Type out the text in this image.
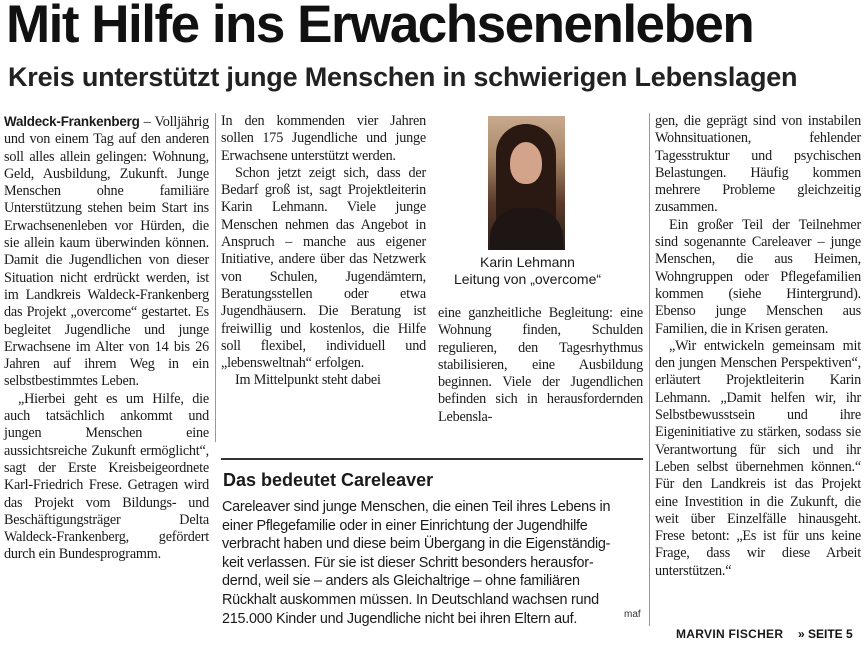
Mit Hilfe ins Erwachsenenleben
Kreis unterstützt junge Menschen in schwierigen Lebenslagen

Waldeck-Frankenberg – Volljährig und von einem Tag auf den anderen soll alles allein gelingen: Wohnung, Geld, Ausbildung, Zukunft. Junge Menschen ohne familiäre Unterstützung stehen beim Start ins Erwachsenenleben vor Hürden, die sie allein kaum überwinden können. Damit die Jugendlichen von dieser Situation nicht erdrückt werden, ist im Landkreis Waldeck-Frankenberg das Projekt „overcome“ gestartet. Es begleitet Jugendliche und junge Erwachsene im Alter von 14 bis 26 Jahren auf ihrem Weg in ein selbstbestimmtes Leben.

„Hierbei geht es um Hilfe, die auch tatsächlich ankommt und jungen Menschen eine aussichtsreiche Zukunft ermöglicht“, sagt der Erste Kreisbeigeordnete Karl-Friedrich Frese. Getragen wird das Projekt vom Bildungs- und Beschäftigungsträger Delta Waldeck-Frankenberg, gefördert durch ein Bundesprogramm.

In den kommenden vier Jahren sollen 175 Jugendliche und junge Erwachsene unterstützt werden.

Schon jetzt zeigt sich, dass der Bedarf groß ist, sagt Projektleiterin Karin Lehmann. Viele junge Menschen nehmen das Angebot in Anspruch – manche aus eigener Initiative, andere über das Netzwerk von Schulen, Jugendämtern, Beratungsstellen oder etwa Jugendhäusern. Die Beratung ist freiwillig und kostenlos, die Hilfe soll flexibel, individuell und „lebensweltnah“ erfolgen.

Im Mittelpunkt steht dabei

Karin Lehmann
Leitung von „overcome“

eine ganzheitliche Begleitung: eine Wohnung finden, Schulden regulieren, den Tagesrhythmus stabilisieren, eine Ausbildung beginnen. Viele der Jugendlichen befinden sich in herausfordernden Lebensla-

gen, die geprägt sind von instabilen Wohnsituationen, fehlender Tagesstruktur und psychischen Belastungen. Häufig kommen mehrere Probleme gleichzeitig zusammen.

Ein großer Teil der Teilnehmer sind sogenannte Careleaver – junge Menschen, die aus Heimen, Wohngruppen oder Pflegefamilien kommen (siehe Hintergrund). Ebenso junge Menschen aus Familien, die in Krisen geraten.

„Wir entwickeln gemeinsam mit den jungen Menschen Perspektiven“, erläutert Projektleiterin Karin Lehmann. „Damit helfen wir, ihr Selbstbewusstsein und ihre Eigeninitiative zu stärken, sodass sie Verantwortung für sich und ihr Leben selbst übernehmen können.“ Für den Landkreis ist das Projekt eine Investition in die Zukunft, die weit über Einzelfälle hinausgeht. Frese betont: „Es ist für uns keine Frage, dass wir diese Arbeit unterstützen.“

Das bedeutet Careleaver
Careleaver sind junge Menschen, die einen Teil ihres Lebens in
einer Pflegefamilie oder in einer Einrichtung der Jugendhilfe
verbracht haben und diese beim Übergang in die Eigenständig-
keit verlassen. Für sie ist dieser Schritt besonders herausfor-
dernd, weil sie – anders als Gleichaltrige – ohne familiären
Rückhalt auskommen müssen. In Deutschland wachsen rund
215.000 Kinder und Jugendliche nicht bei ihren Eltern auf.	maf
MARVIN FISCHER » SEITE 5
